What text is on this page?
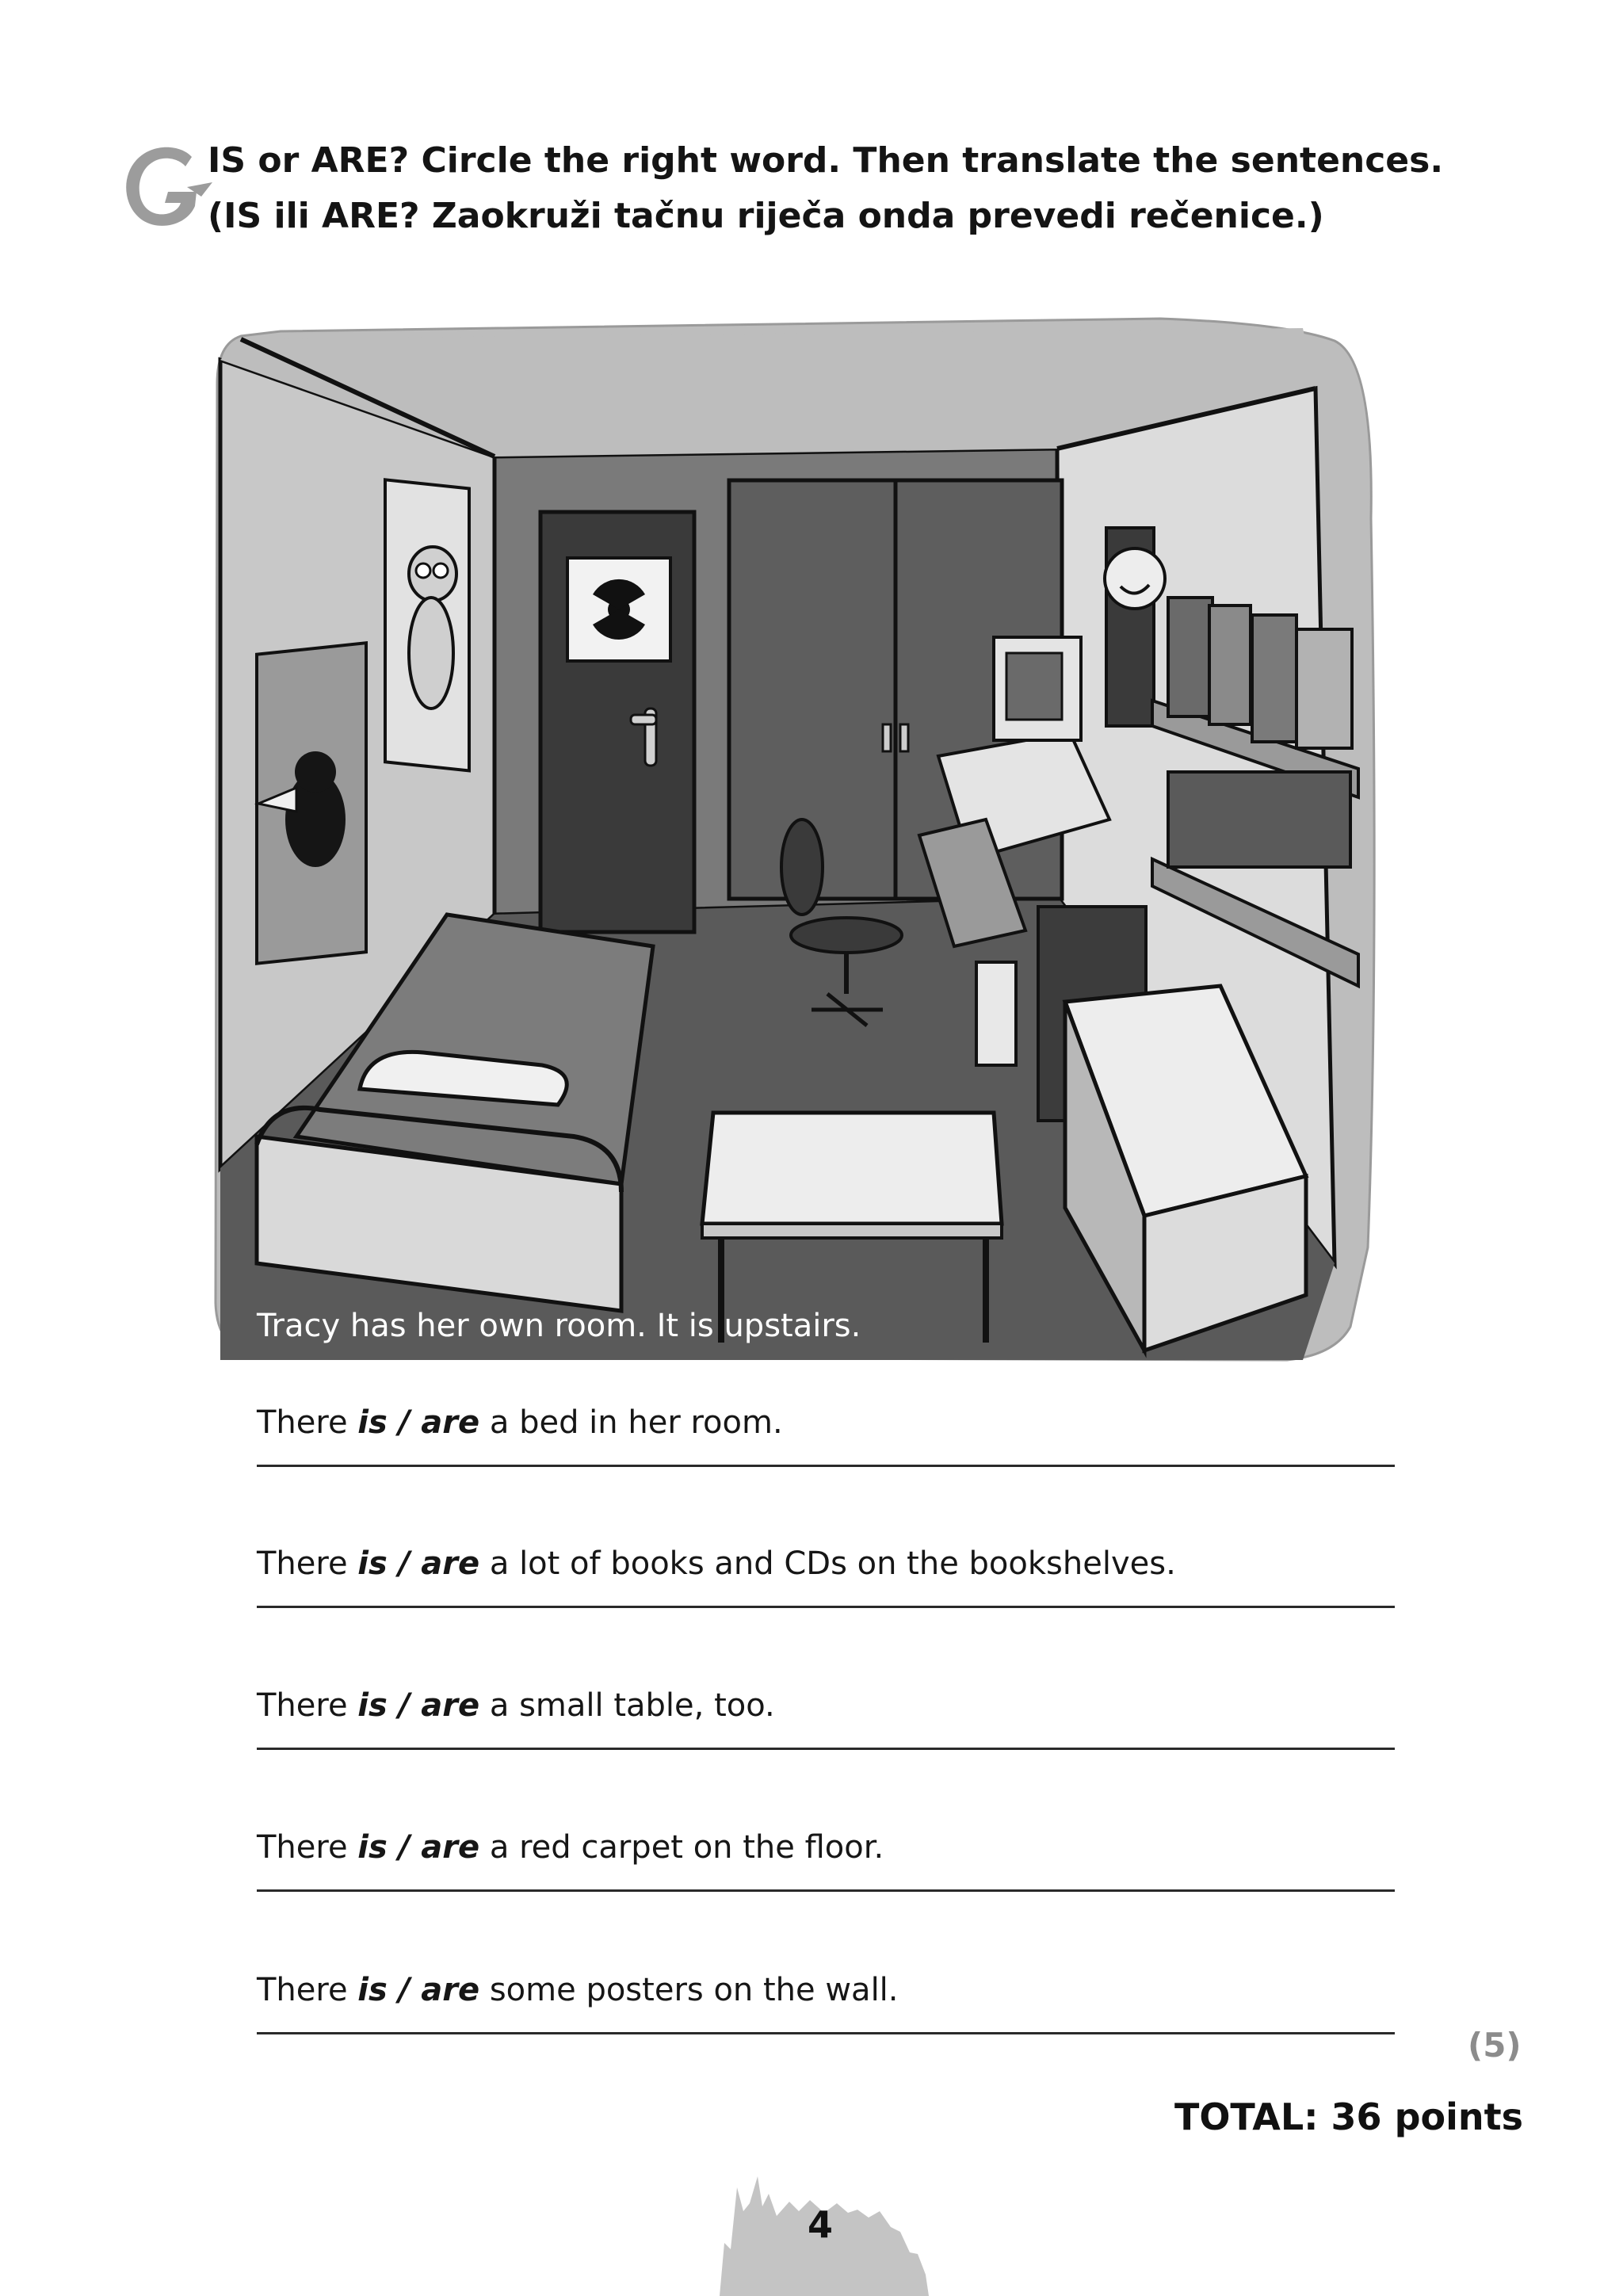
IS or ARE? Circle the right word. Then translate the sentences.
(IS ili ARE? Zaokruži tačnu riječa onda prevedi rečenice.)
Tracy has her own room. It is upstairs.
There is / are a bed in her room.
There is / are a lot of books and CDs on the bookshelves.
There is / are a small table, too.
There is / are a red carpet on the floor.
There is / are some posters on the wall.
(5)
TOTAL: 36 points
4
